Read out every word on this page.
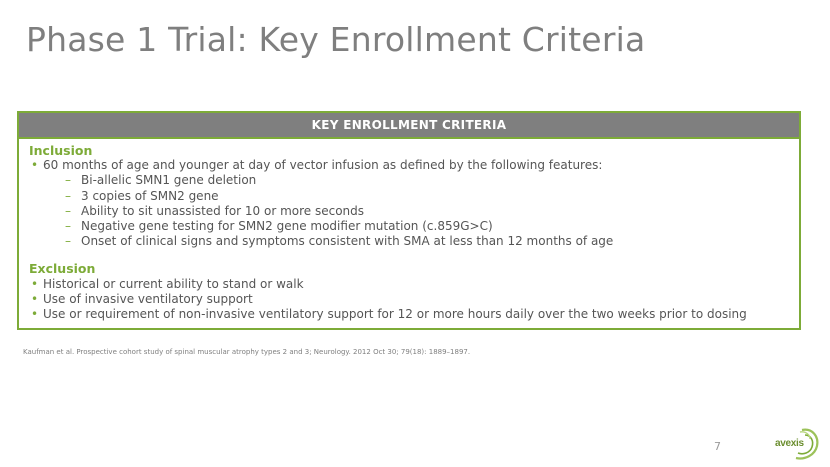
Phase 1 Trial: Key Enrollment Criteria
KEY ENROLLMENT CRITERIA
Inclusion
• 60 months of age and younger at day of vector infusion as defined by the following features:
– Bi-allelic SMN1 gene deletion
– 3 copies of SMN2 gene
– Ability to sit unassisted for 10 or more seconds
– Negative gene testing for SMN2 gene modifier mutation (c.859G>C)
– Onset of clinical signs and symptoms consistent with SMA at less than 12 months of age
Exclusion
• Historical or current ability to stand or walk
• Use of invasive ventilatory support
• Use or requirement of non-invasive ventilatory support for 12 or more hours daily over the two weeks prior to dosing
Kaufman et al. Prospective cohort study of spinal muscular atrophy types 2 and 3; Neurology. 2012 Oct 30; 79(18): 1889–1897.
7	avexis
